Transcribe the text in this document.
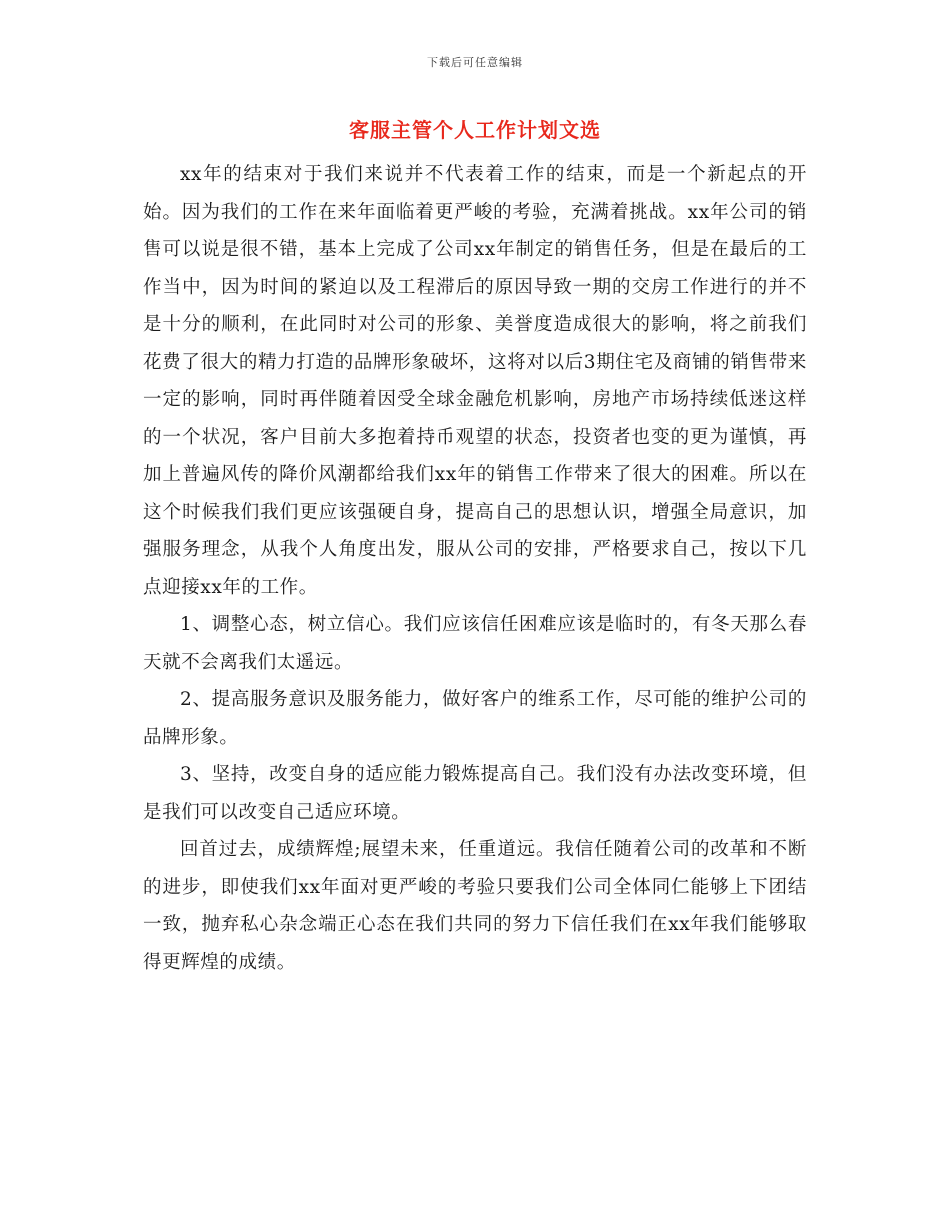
下载后可任意编辑
客服主管个人工作计划文选

xx年的结束对于我们来说并不代表着工作的结束，而是一个新起点的开始。因为我们的工作在来年面临着更严峻的考验，充满着挑战。xx年公司的销售可以说是很不错，基本上完成了公司xx年制定的销售任务，但是在最后的工作当中，因为时间的紧迫以及工程滞后的原因导致一期的交房工作进行的并不是十分的顺利，在此同时对公司的形象、美誉度造成很大的影响，将之前我们花费了很大的精力打造的品牌形象破坏，这将对以后3期住宅及商铺的销售带来一定的影响，同时再伴随着因受全球金融危机影响，房地产市场持续低迷这样的一个状况，客户目前大多抱着持币观望的状态，投资者也变的更为谨慎，再加上普遍风传的降价风潮都给我们xx年的销售工作带来了很大的困难。所以在这个时候我们我们更应该强硬自身，提高自己的思想认识，增强全局意识，加强服务理念，从我个人角度出发，服从公司的安排，严格要求自己，按以下几点迎接xx年的工作。

1、调整心态，树立信心。我们应该信任困难应该是临时的，有冬天那么春天就不会离我们太遥远。

2、提高服务意识及服务能力，做好客户的维系工作，尽可能的维护公司的品牌形象。

3、坚持，改变自身的适应能力锻炼提高自己。我们没有办法改变环境，但是我们可以改变自己适应环境。

回首过去，成绩辉煌;展望未来，任重道远。我信任随着公司的改革和不断的进步，即使我们xx年面对更严峻的考验只要我们公司全体同仁能够上下团结一致，抛弃私心杂念端正心态在我们共同的努力下信任我们在xx年我们能够取得更辉煌的成绩。
